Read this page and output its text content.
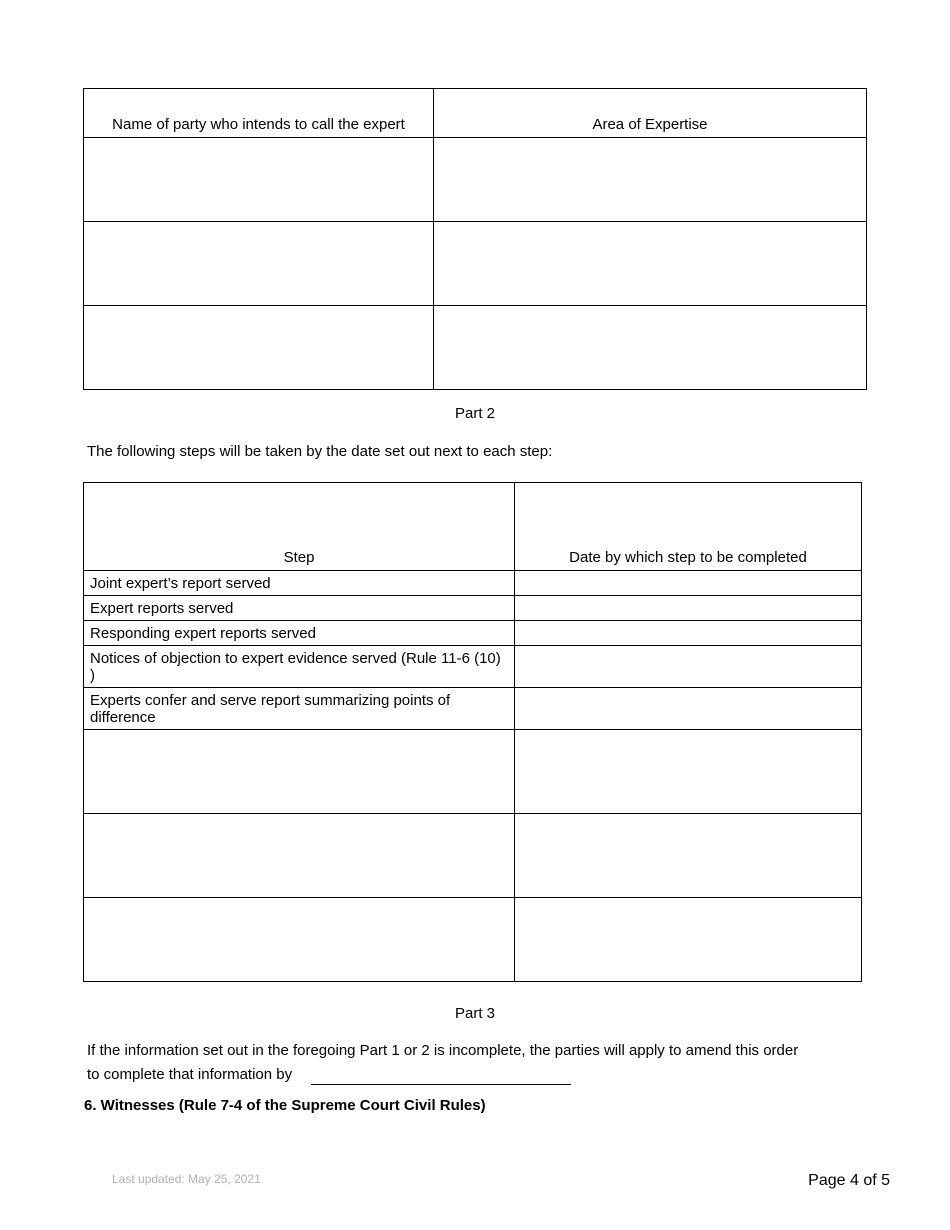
Name of party who intends to call the expert	Area of Expertise

Part 2
The following steps will be taken by the date set out next to each step:
Step	Date by which step to be completed
Joint expert’s report served	
Expert reports served	
Responding expert reports served	
Notices of objection to expert evidence served (Rule 11-6 (10) )	
Experts confer and serve report summarizing points of difference	

Part 3
If the information set out in the foregoing Part 1 or 2 is incomplete, the parties will apply to amend this order
to complete that information by
6. Witnesses (Rule 7-4 of the Supreme Court Civil Rules)
Last updated: May 25, 2021	Page 4 of 5
